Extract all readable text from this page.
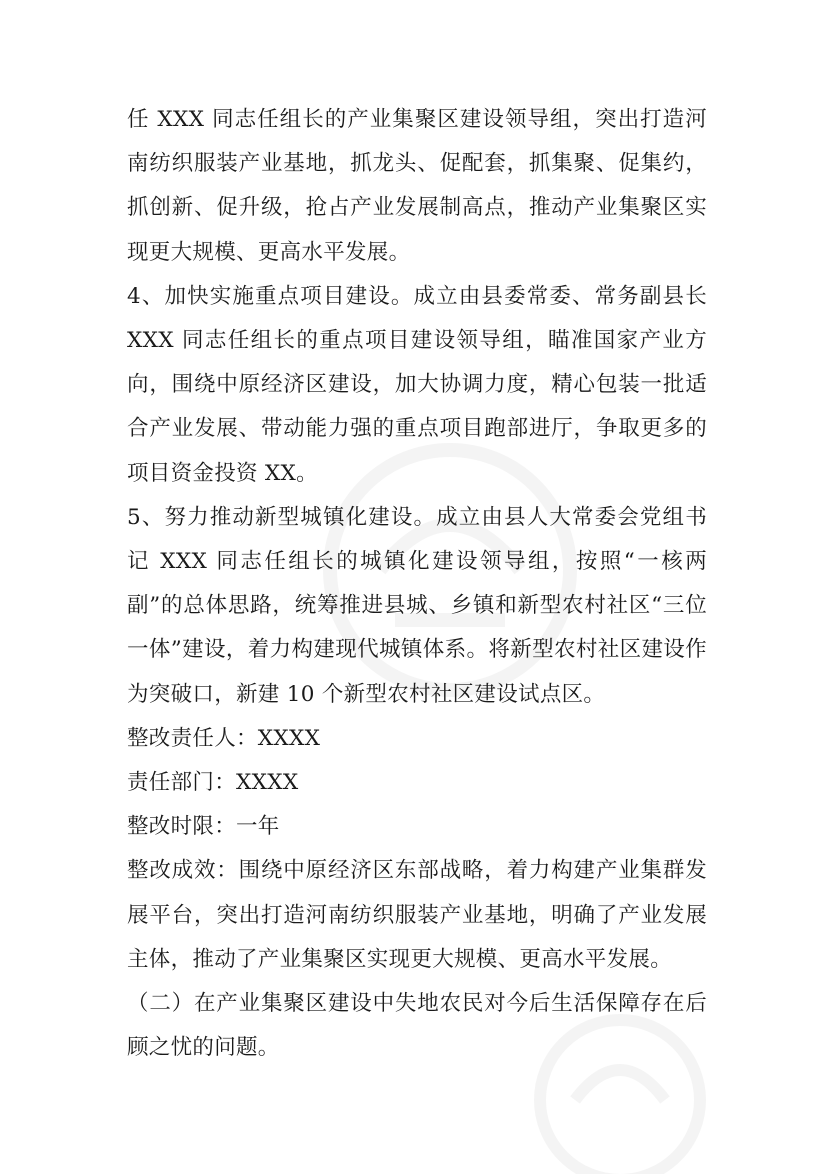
任 XXX 同志任组长的产业集聚区建设领导组，突出打造河南纺织服装产业基地，抓龙头、促配套，抓集聚、促集约，抓创新、促升级，抢占产业发展制高点，推动产业集聚区实现更大规模、更高水平发展。

4、加快实施重点项目建设。成立由县委常委、常务副县长 XXX 同志任组长的重点项目建设领导组，瞄准国家产业方向，围绕中原经济区建设，加大协调力度，精心包装一批适合产业发展、带动能力强的重点项目跑部进厅，争取更多的项目资金投资 XX。

5、努力推动新型城镇化建设。成立由县人大常委会党组书记 XXX 同志任组长的城镇化建设领导组，按照“一核两副”的总体思路，统筹推进县城、乡镇和新型农村社区“三位一体”建设，着力构建现代城镇体系。将新型农村社区建设作为突破口，新建 10 个新型农村社区建设试点区。

整改责任人：XXXX

责任部门：XXXX

整改时限：一年

整改成效：围绕中原经济区东部战略，着力构建产业集群发展平台，突出打造河南纺织服装产业基地，明确了产业发展主体，推动了产业集聚区实现更大规模、更高水平发展。

（二）在产业集聚区建设中失地农民对今后生活保障存在后顾之忧的问题。
